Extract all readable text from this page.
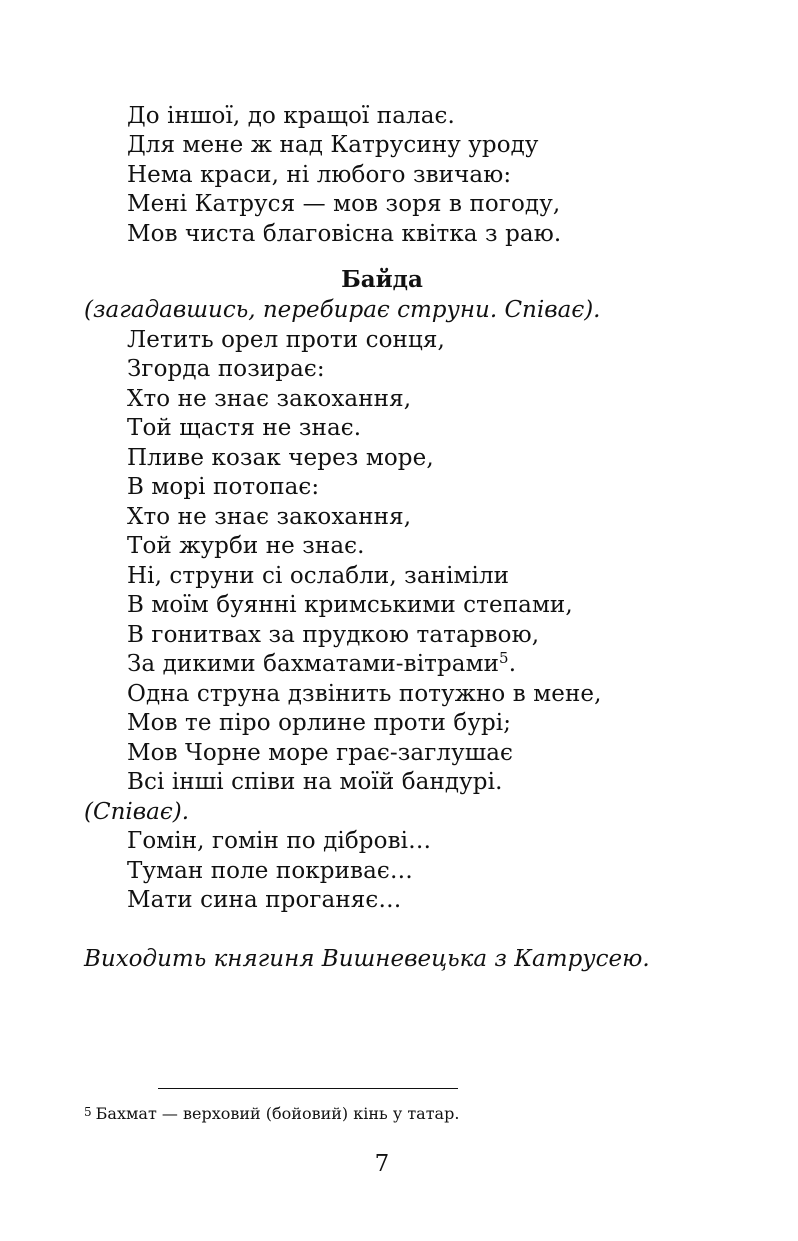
До іншої, до кращої палає.
Для мене ж над Катрусину уроду
Нема краси, ні любого звичаю:
Мені Катруся — мов зоря в погоду,
Мов чиста благовісна квітка з раю.
Байда
(загадавшись, перебирає струни. Співає).
Летить орел проти сонця,
Згорда позирає:
Хто не знає закохання,
Той щастя не знає.
Пливе козак через море,
В морі потопає:
Хто не знає закохання,
Той журби не знає.
Ні, струни сі ослабли, заніміли
В моїм буянні кримськими степами,
В гонитвах за прудкою татарвою,
За дикими бахматами-вітрами$^5$.
Одна струна дзвінить потужно в мене,
Мов те піро орлине проти бурі;
Мов Чорне море грає-заглушає
Всі інші співи на моїй бандурі.
(Співає).
Гомін, гомін по діброві…
Туман поле покриває…
Мати сина проганяє…
Виходить княгиня Вишневецька з Катрусею.
5 Бахмат — верховий (бойовий) кінь у татар.
7
